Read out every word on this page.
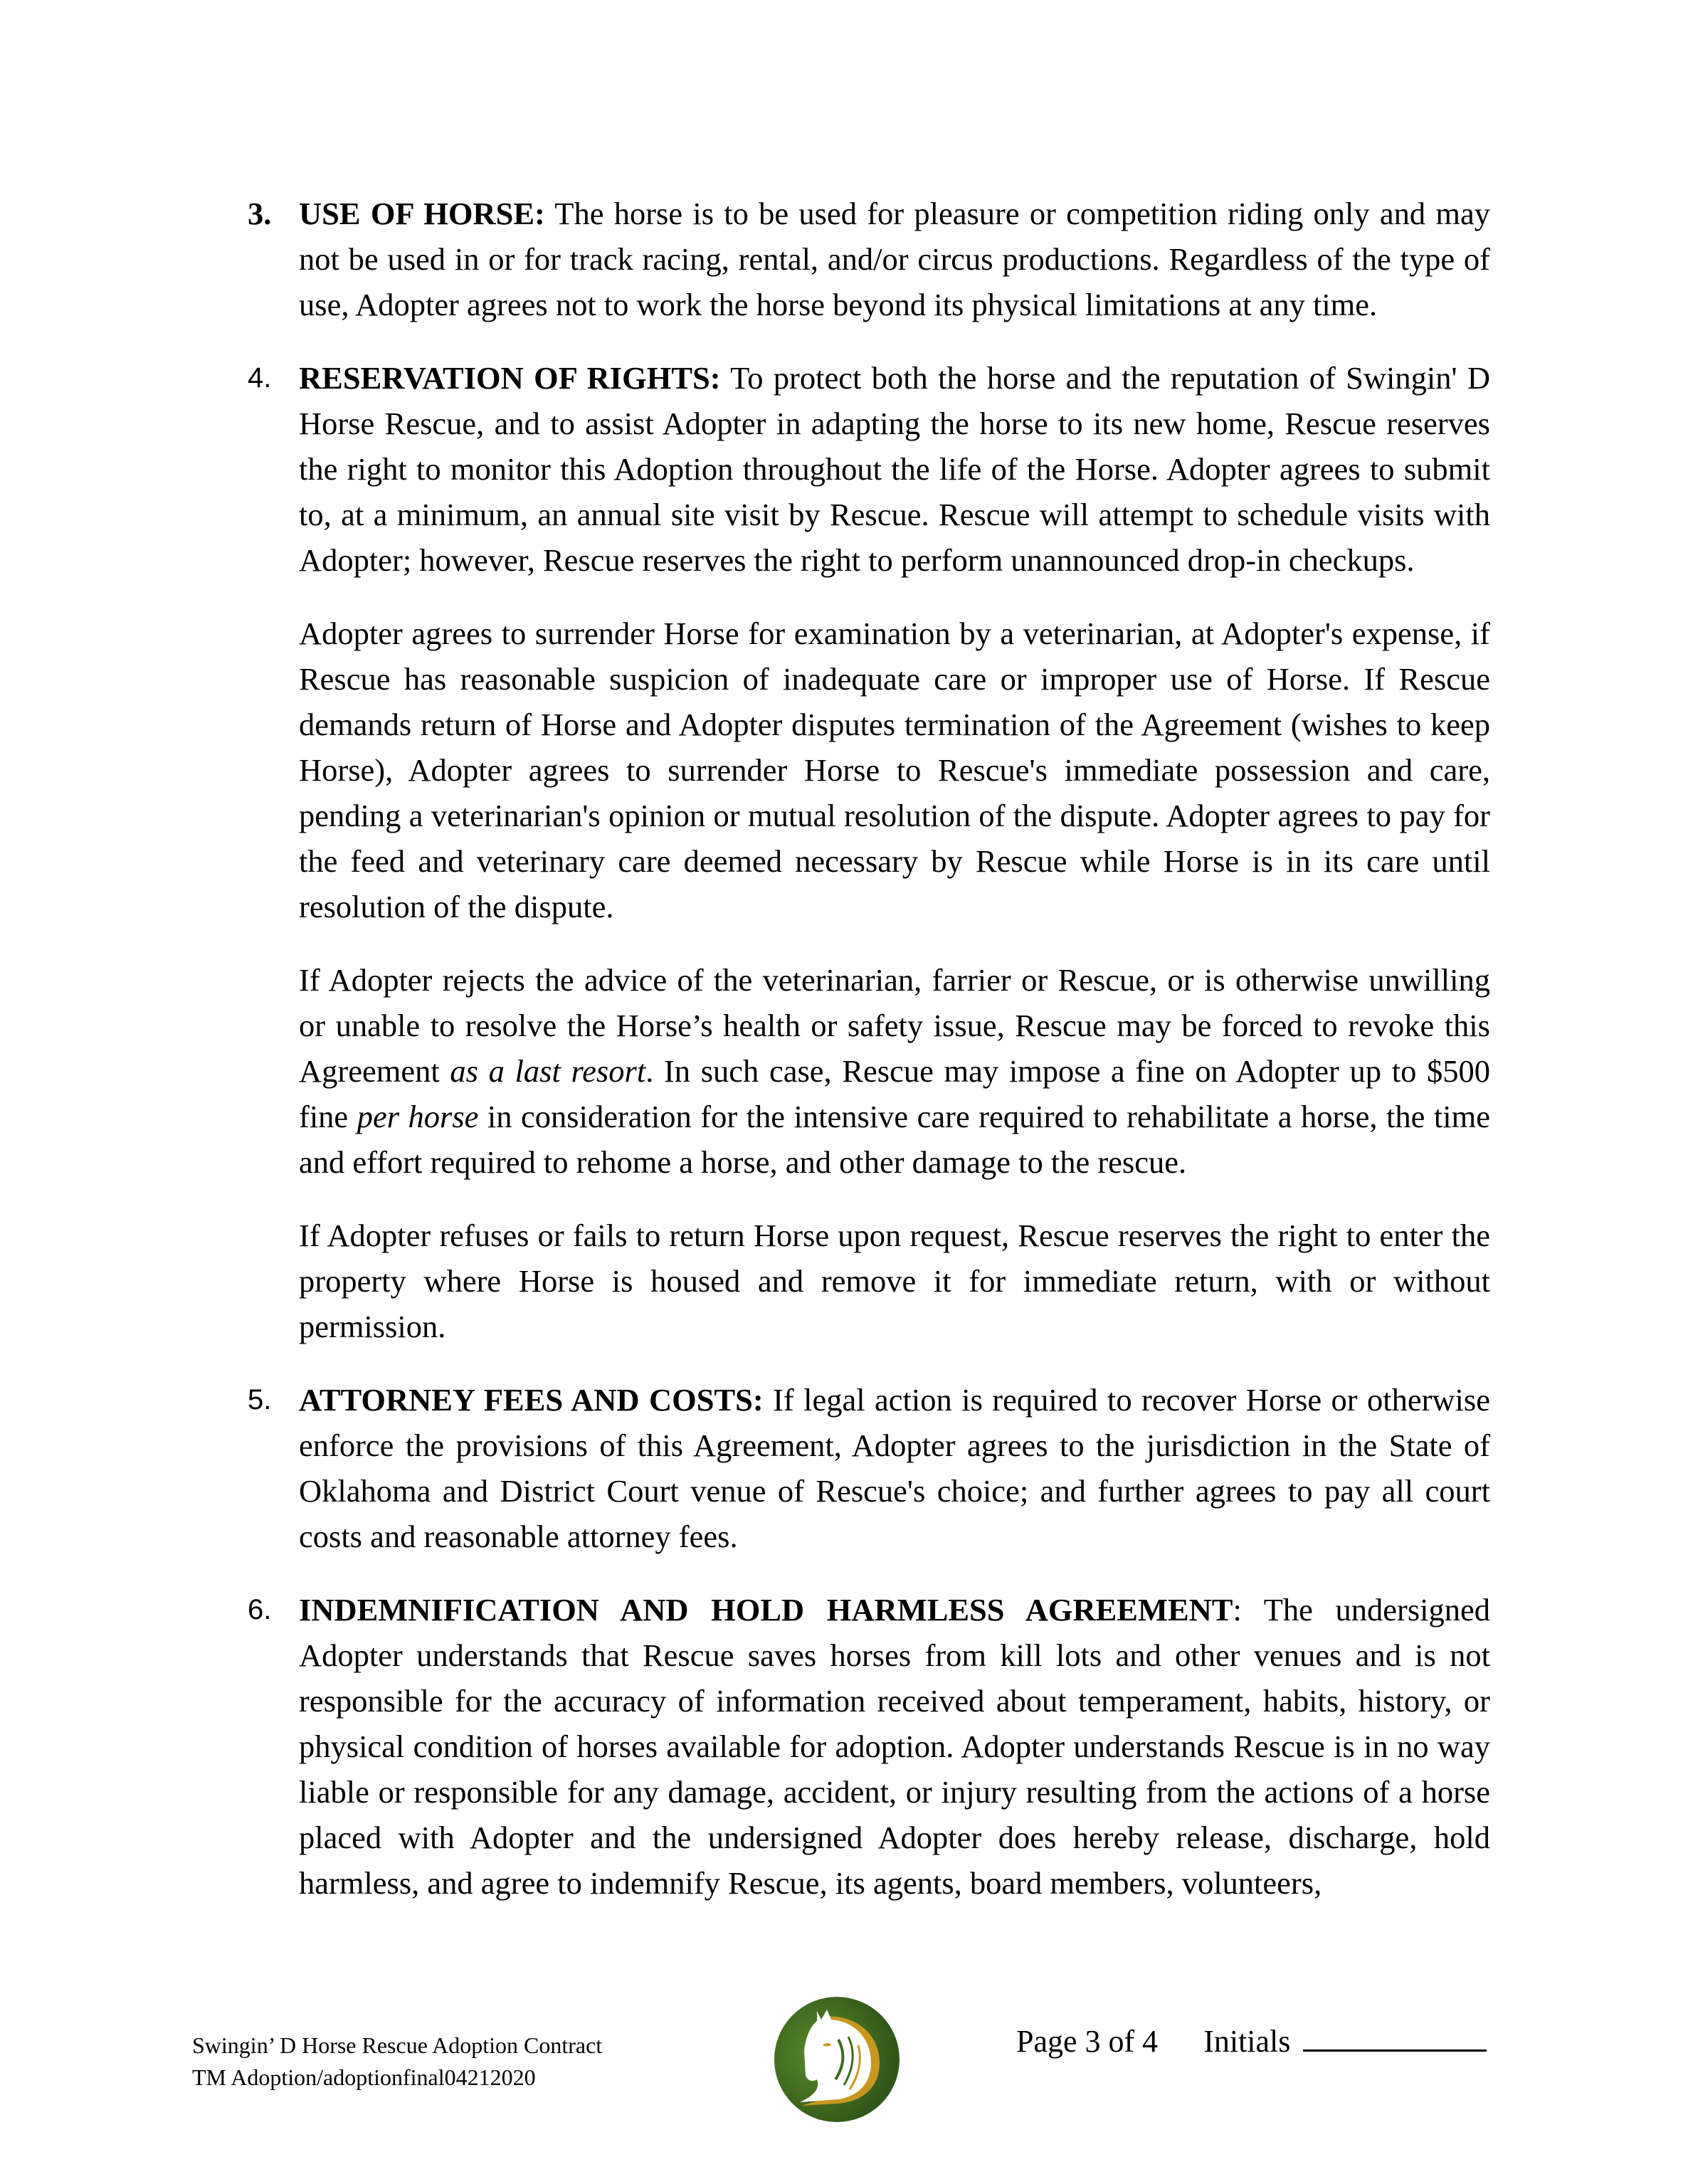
3. USE OF HORSE: The horse is to be used for pleasure or competition riding only and may not be used in or for track racing, rental, and/or circus productions. Regardless of the type of use, Adopter agrees not to work the horse beyond its physical limitations at any time.

4. RESERVATION OF RIGHTS: To protect both the horse and the reputation of Swingin' D Horse Rescue, and to assist Adopter in adapting the horse to its new home, Rescue reserves the right to monitor this Adoption throughout the life of the Horse. Adopter agrees to submit to, at a minimum, an annual site visit by Rescue. Rescue will attempt to schedule visits with Adopter; however, Rescue reserves the right to perform unannounced drop-in checkups.

Adopter agrees to surrender Horse for examination by a veterinarian, at Adopter's expense, if Rescue has reasonable suspicion of inadequate care or improper use of Horse. If Rescue demands return of Horse and Adopter disputes termination of the Agreement (wishes to keep Horse), Adopter agrees to surrender Horse to Rescue's immediate possession and care, pending a veterinarian's opinion or mutual resolution of the dispute. Adopter agrees to pay for the feed and veterinary care deemed necessary by Rescue while Horse is in its care until resolution of the dispute.

If Adopter rejects the advice of the veterinarian, farrier or Rescue, or is otherwise unwilling or unable to resolve the Horse’s health or safety issue, Rescue may be forced to revoke this Agreement as a last resort. In such case, Rescue may impose a fine on Adopter up to $500 fine per horse in consideration for the intensive care required to rehabilitate a horse, the time and effort required to rehome a horse, and other damage to the rescue.

If Adopter refuses or fails to return Horse upon request, Rescue reserves the right to enter the property where Horse is housed and remove it for immediate return, with or without permission.

5. ATTORNEY FEES AND COSTS: If legal action is required to recover Horse or otherwise enforce the provisions of this Agreement, Adopter agrees to the jurisdiction in the State of Oklahoma and District Court venue of Rescue's choice; and further agrees to pay all court costs and reasonable attorney fees.

6. INDEMNIFICATION AND HOLD HARMLESS AGREEMENT: The undersigned Adopter understands that Rescue saves horses from kill lots and other venues and is not responsible for the accuracy of information received about temperament, habits, history, or physical condition of horses available for adoption. Adopter understands Rescue is in no way liable or responsible for any damage, accident, or injury resulting from the actions of a horse placed with Adopter and the undersigned Adopter does hereby release, discharge, hold harmless, and agree to indemnify Rescue, its agents, board members, volunteers,

Swingin’ D Horse Rescue Adoption Contract
TM Adoption/adoptionfinal04212020
Page 3 of 4 Initials
